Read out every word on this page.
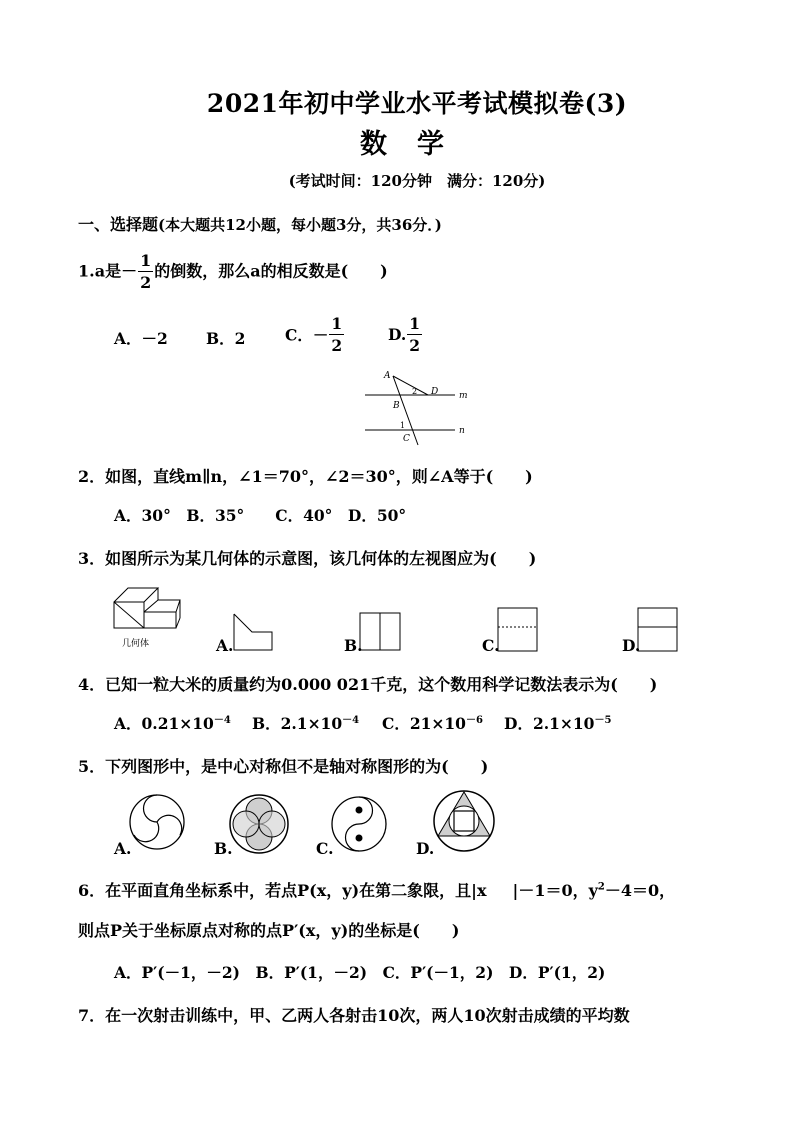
2021年初中学业水平考试模拟卷(3)
数学
(考试时间：120分钟　满分：120分)
一、选择题(本大题共12小题，每小题3分，共36分．)
1.a是－ $\frac{1}{2}$ 的倒数，那么a的相反数是(　　)
A．－2 B．2	C．－ $\frac{1}{2}$	D. $\frac{1}{2}$
A
D
2
B
1
C
m
n
2．如图，直线m∥n，∠1＝70°，∠2＝30°，则∠A等于(　　)
A．30°　B．35°　　C．40°　D．50°
3．如图所示为某几何体的示意图，该几何体的左视图应为(　　)
几何体	A.	B.	C.	D.
4．已知一粒大米的质量约为0.000 021千克，这个数用科学记数法表示为(　　)
A．$0.21\times 10^{-4}$ B．$2.1\times 10^{-4}$ C．$21\times 10^{-6}$ D．$2.1\times 10^{-5}$
5．下列图形中，是中心对称但不是轴对称图形的为(　　)
A.	B.	C.	D.
6．在平面直角坐标系中，若点P(x，y)在第二象限，且|x |－1＝0，$y^2-4=0$，
则点P关于坐标原点对称的点P′(x，y)的坐标是(　　)
A．P′(－1，－2)　B．P′(1，－2)　C．P′(－1，2)　D．P′(1，2)
7．在一次射击训练中，甲、乙两人各射击10次，两人10次射击成绩的平均数
